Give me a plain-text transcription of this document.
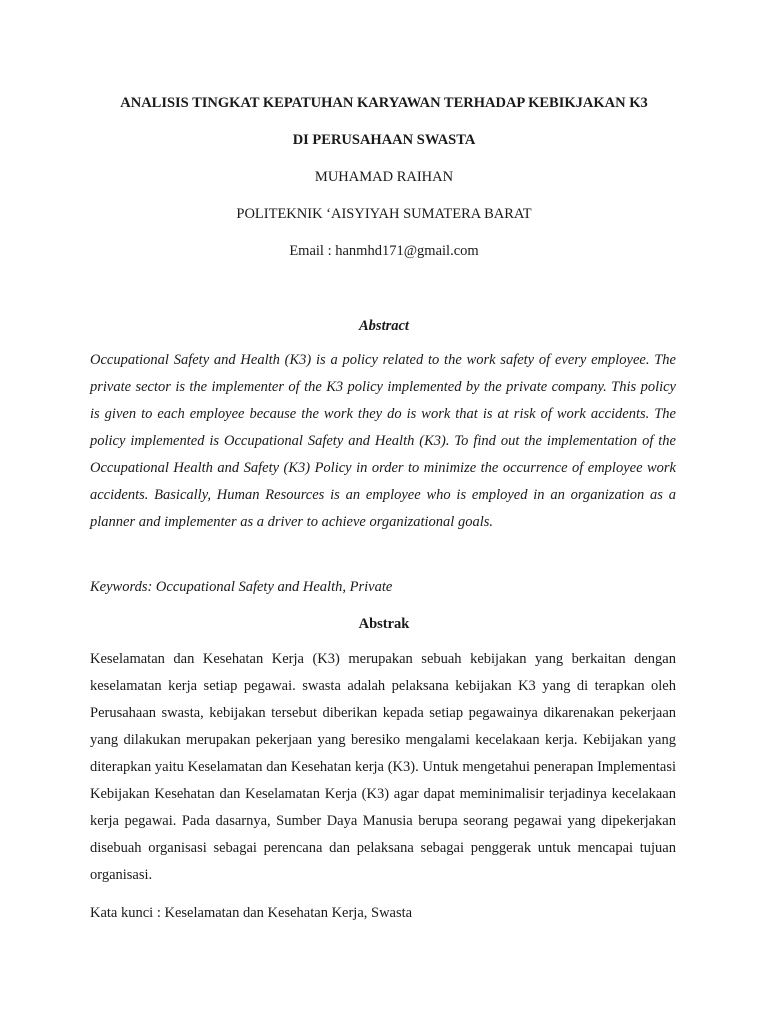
ANALISIS TINGKAT KEPATUHAN KARYAWAN TERHADAP KEBIKJAKAN K3
DI PERUSAHAAN SWASTA
MUHAMAD RAIHAN
POLITEKNIK ‘AISYIYAH SUMATERA BARAT
Email : hanmhd171@gmail.com
Abstract

Occupational Safety and Health (K3) is a policy related to the work safety of every employee. The private sector is the implementer of the K3 policy implemented by the private company. This policy is given to each employee because the work they do is work that is at risk of work accidents. The policy implemented is Occupational Safety and Health (K3). To find out the implementation of the Occupational Health and Safety (K3) Policy in order to minimize the occurrence of employee work accidents. Basically, Human Resources is an employee who is employed in an organization as a planner and implementer as a driver to achieve organizational goals.

Keywords: Occupational Safety and Health, Private

Abstrak

Keselamatan dan Kesehatan Kerja (K3) merupakan sebuah kebijakan yang berkaitan dengan keselamatan kerja setiap pegawai. swasta adalah pelaksana kebijakan K3 yang di terapkan oleh Perusahaan swasta, kebijakan tersebut diberikan kepada setiap pegawainya dikarenakan pekerjaan yang dilakukan merupakan pekerjaan yang beresiko mengalami kecelakaan kerja. Kebijakan yang diterapkan yaitu Keselamatan dan Kesehatan kerja (K3). Untuk mengetahui penerapan Implementasi Kebijakan Kesehatan dan Keselamatan Kerja (K3) agar dapat meminimalisir terjadinya kecelakaan kerja pegawai. Pada dasarnya, Sumber Daya Manusia berupa seorang pegawai yang dipekerjakan disebuah organisasi sebagai perencana dan pelaksana sebagai penggerak untuk mencapai tujuan organisasi.

Kata kunci : Keselamatan dan Kesehatan Kerja, Swasta
